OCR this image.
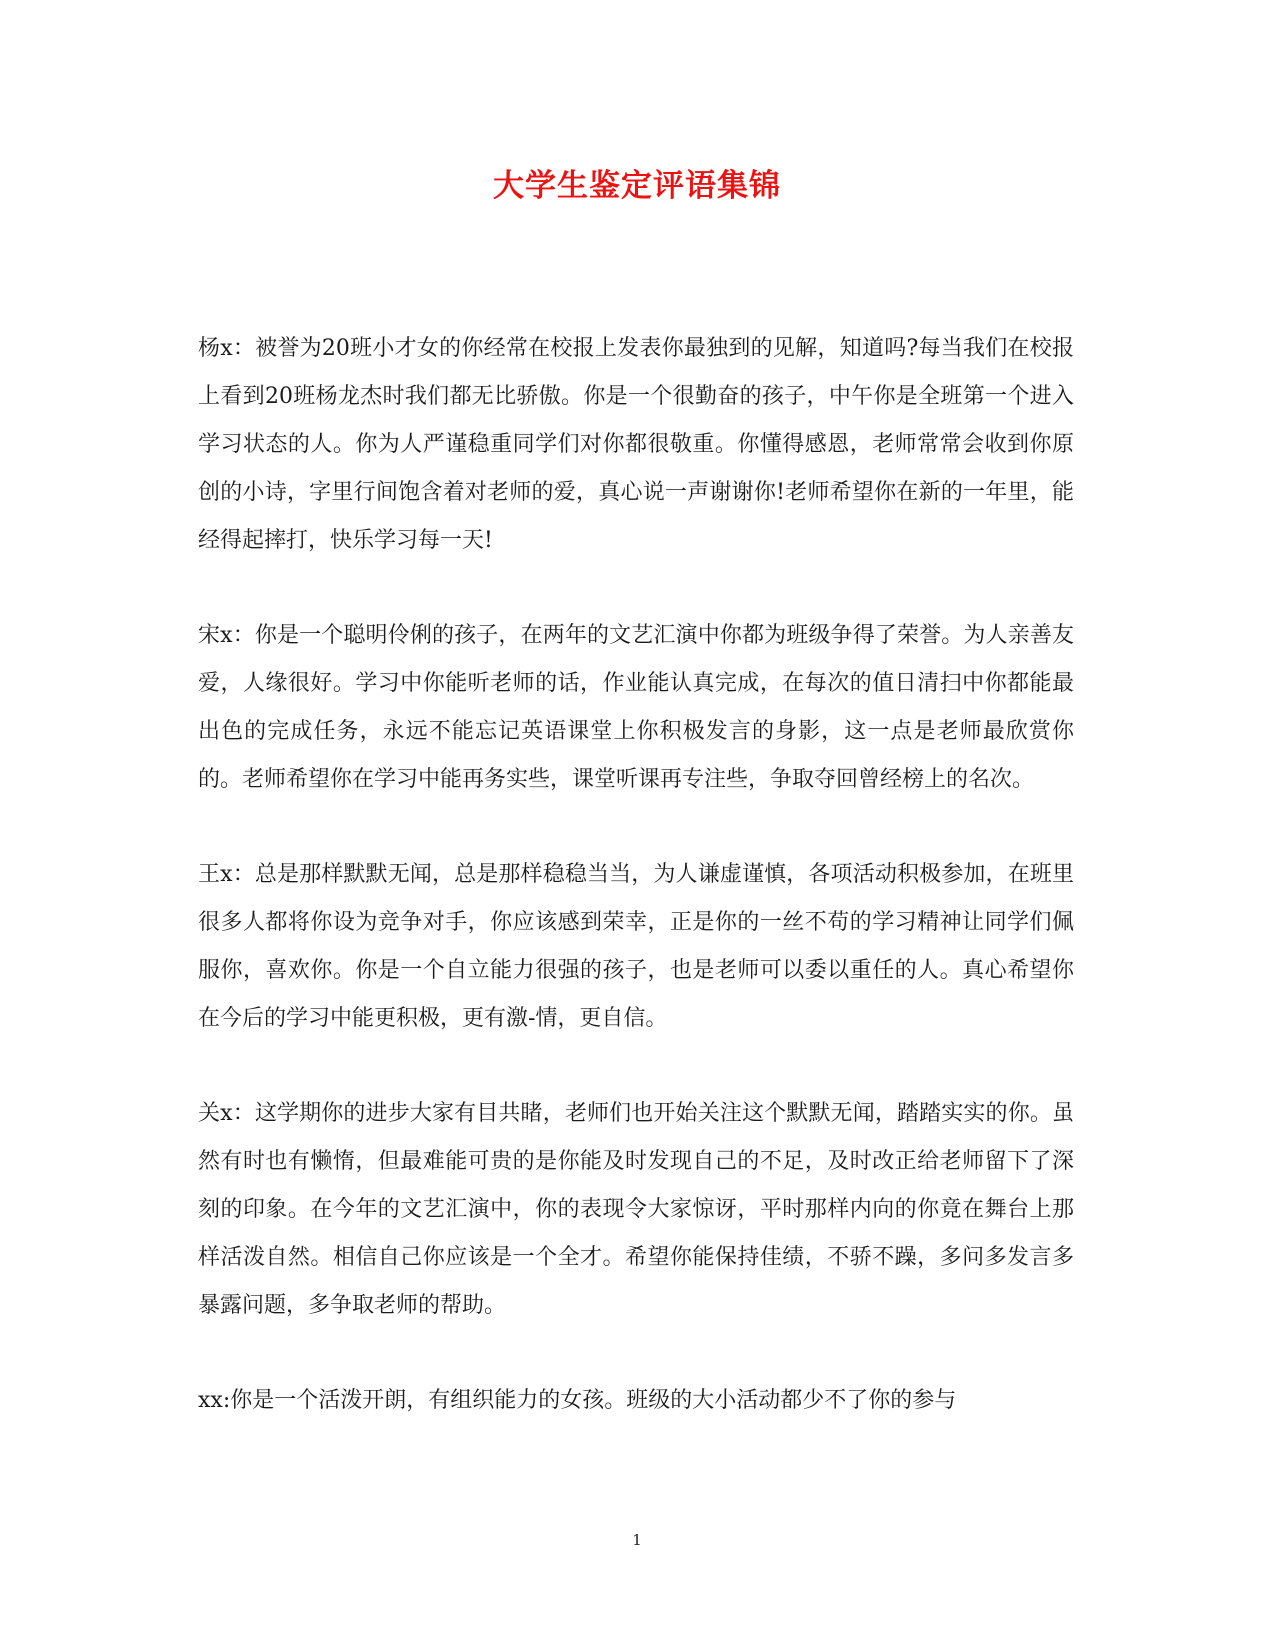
大学生鉴定评语集锦

杨x：被誉为20班小才女的你经常在校报上发表你最独到的见解，知道吗?每当我们在校报上看到20班杨龙杰时我们都无比骄傲。你是一个很勤奋的孩子，中午你是全班第一个进入学习状态的人。你为人严谨稳重同学们对你都很敬重。你懂得感恩，老师常常会收到你原创的小诗，字里行间饱含着对老师的爱，真心说一声谢谢你!老师希望你在新的一年里，能经得起摔打，快乐学习每一天!

宋x：你是一个聪明伶俐的孩子，在两年的文艺汇演中你都为班级争得了荣誉。为人亲善友爱，人缘很好。学习中你能听老师的话，作业能认真完成，在每次的值日清扫中你都能最出色的完成任务，永远不能忘记英语课堂上你积极发言的身影，这一点是老师最欣赏你的。老师希望你在学习中能再务实些，课堂听课再专注些，争取夺回曾经榜上的名次。

王x：总是那样默默无闻，总是那样稳稳当当，为人谦虚谨慎，各项活动积极参加，在班里很多人都将你设为竞争对手，你应该感到荣幸，正是你的一丝不苟的学习精神让同学们佩服你，喜欢你。你是一个自立能力很强的孩子，也是老师可以委以重任的人。真心希望你在今后的学习中能更积极，更有激-情，更自信。

关x：这学期你的进步大家有目共睹，老师们也开始关注这个默默无闻，踏踏实实的你。虽然有时也有懒惰，但最难能可贵的是你能及时发现自己的不足，及时改正给老师留下了深刻的印象。在今年的文艺汇演中，你的表现令大家惊讶，平时那样内向的你竟在舞台上那样活泼自然。相信自己你应该是一个全才。希望你能保持佳绩，不骄不躁，多问多发言多暴露问题，多争取老师的帮助。

xx:你是一个活泼开朗，有组织能力的女孩。班级的大小活动都少不了你的参与

1
